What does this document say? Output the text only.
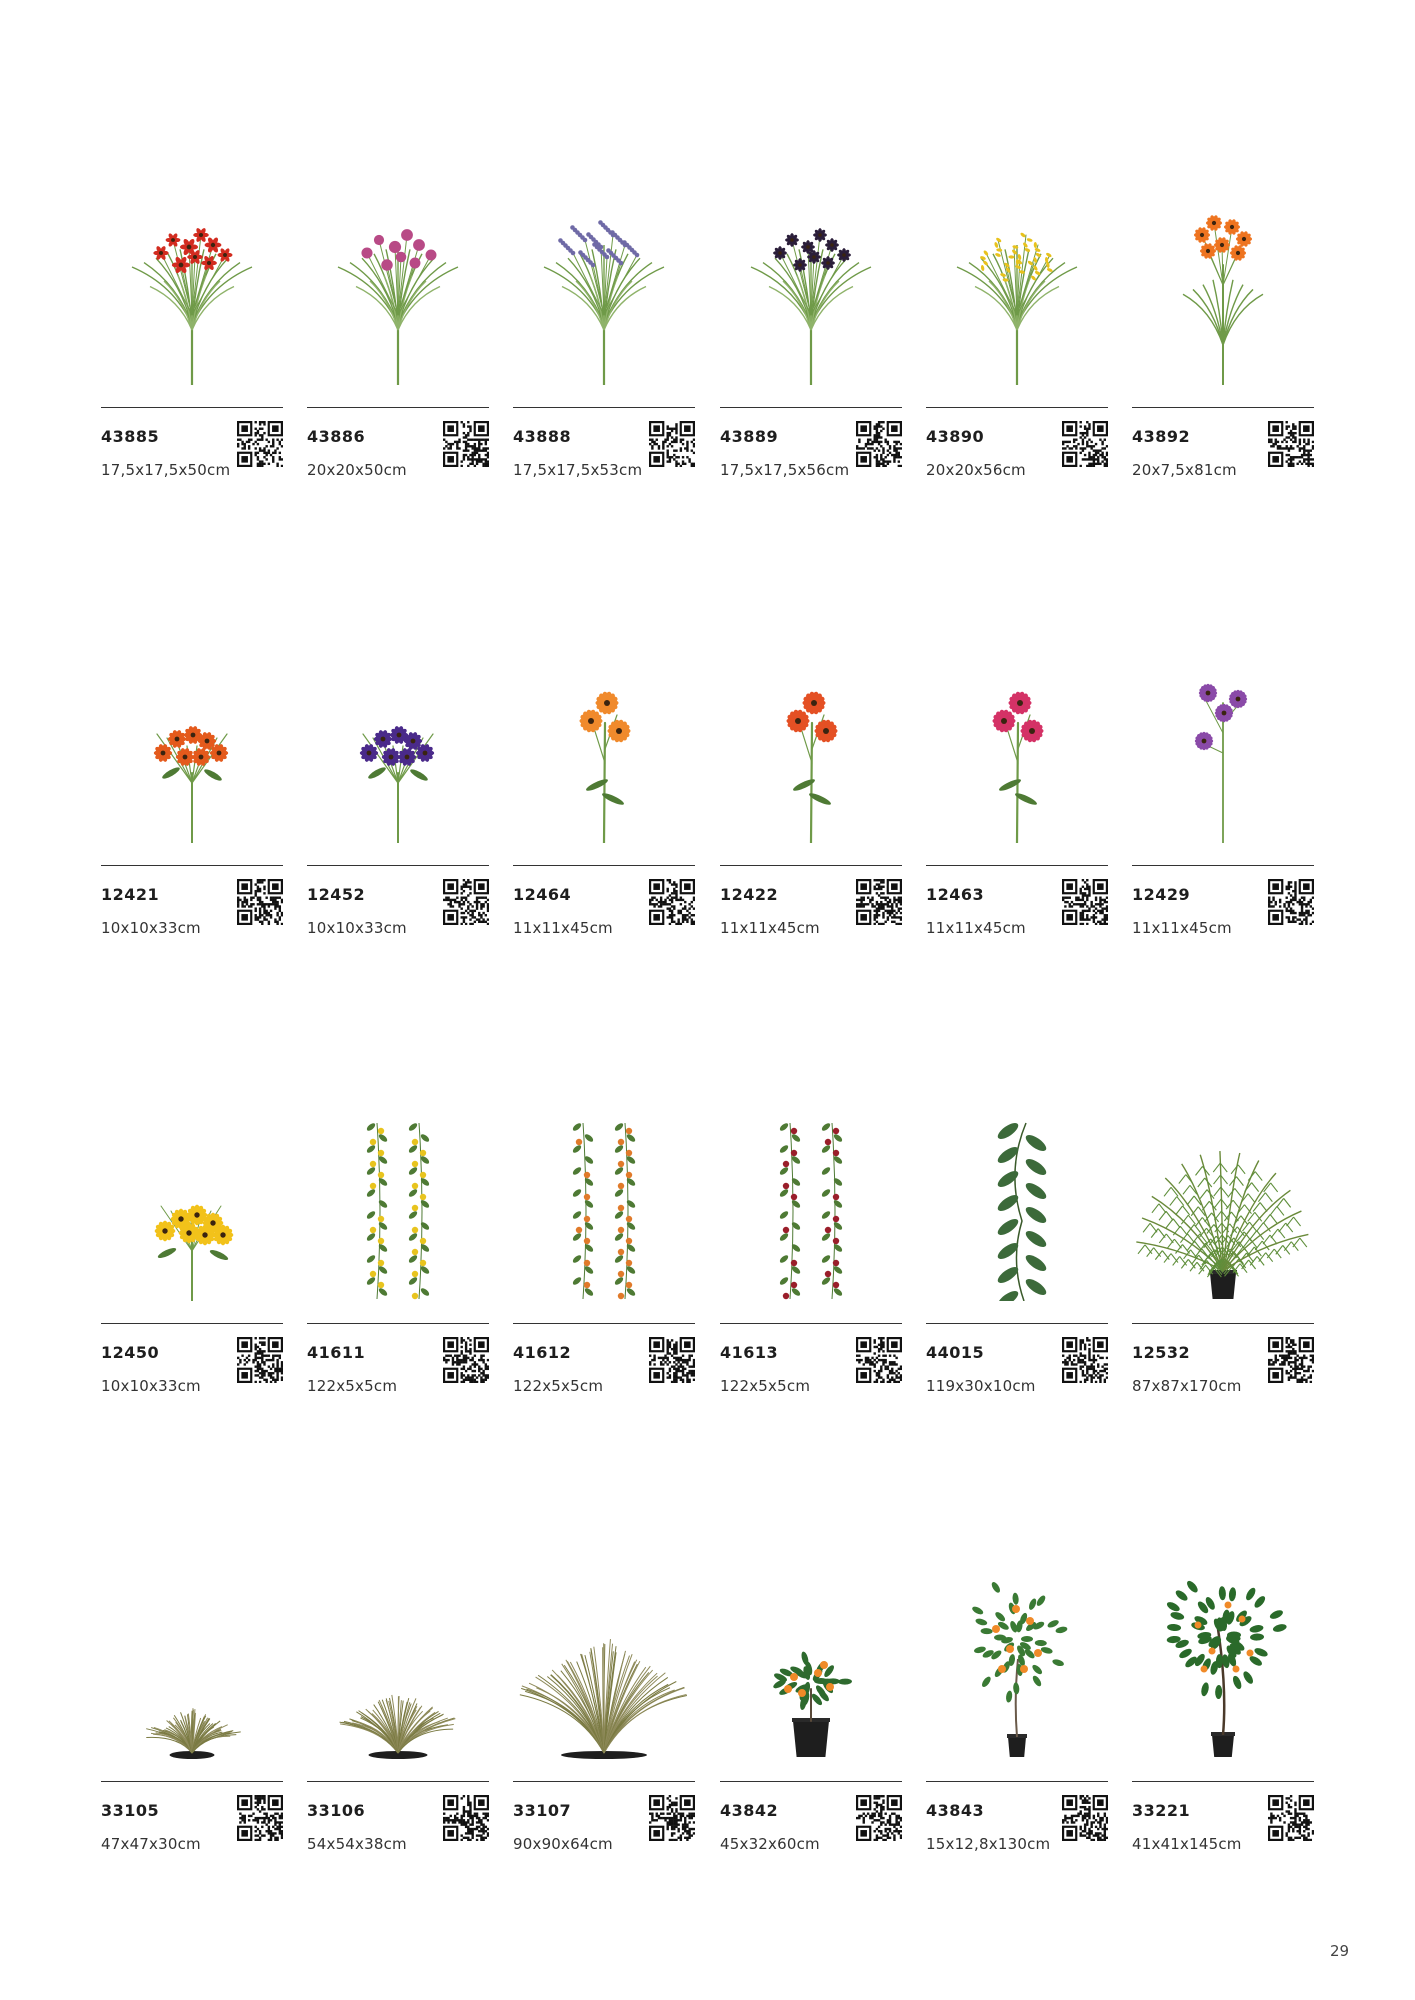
43885
17,5x17,5x50cm
43886
20x20x50cm
43888
17,5x17,5x53cm
43889
17,5x17,5x56cm
43890
20x20x56cm
43892
20x7,5x81cm
12421
10x10x33cm
12452
10x10x33cm
12464
11x11x45cm
12422
11x11x45cm
12463
11x11x45cm
12429
11x11x45cm
12450
10x10x33cm
41611
122x5x5cm
41612
122x5x5cm
41613
122x5x5cm
44015
119x30x10cm
12532
87x87x170cm
33105
47x47x30cm
33106
54x54x38cm
33107
90x90x64cm
43842
45x32x60cm
43843
15x12,8x130cm
33221
41x41x145cm
29
